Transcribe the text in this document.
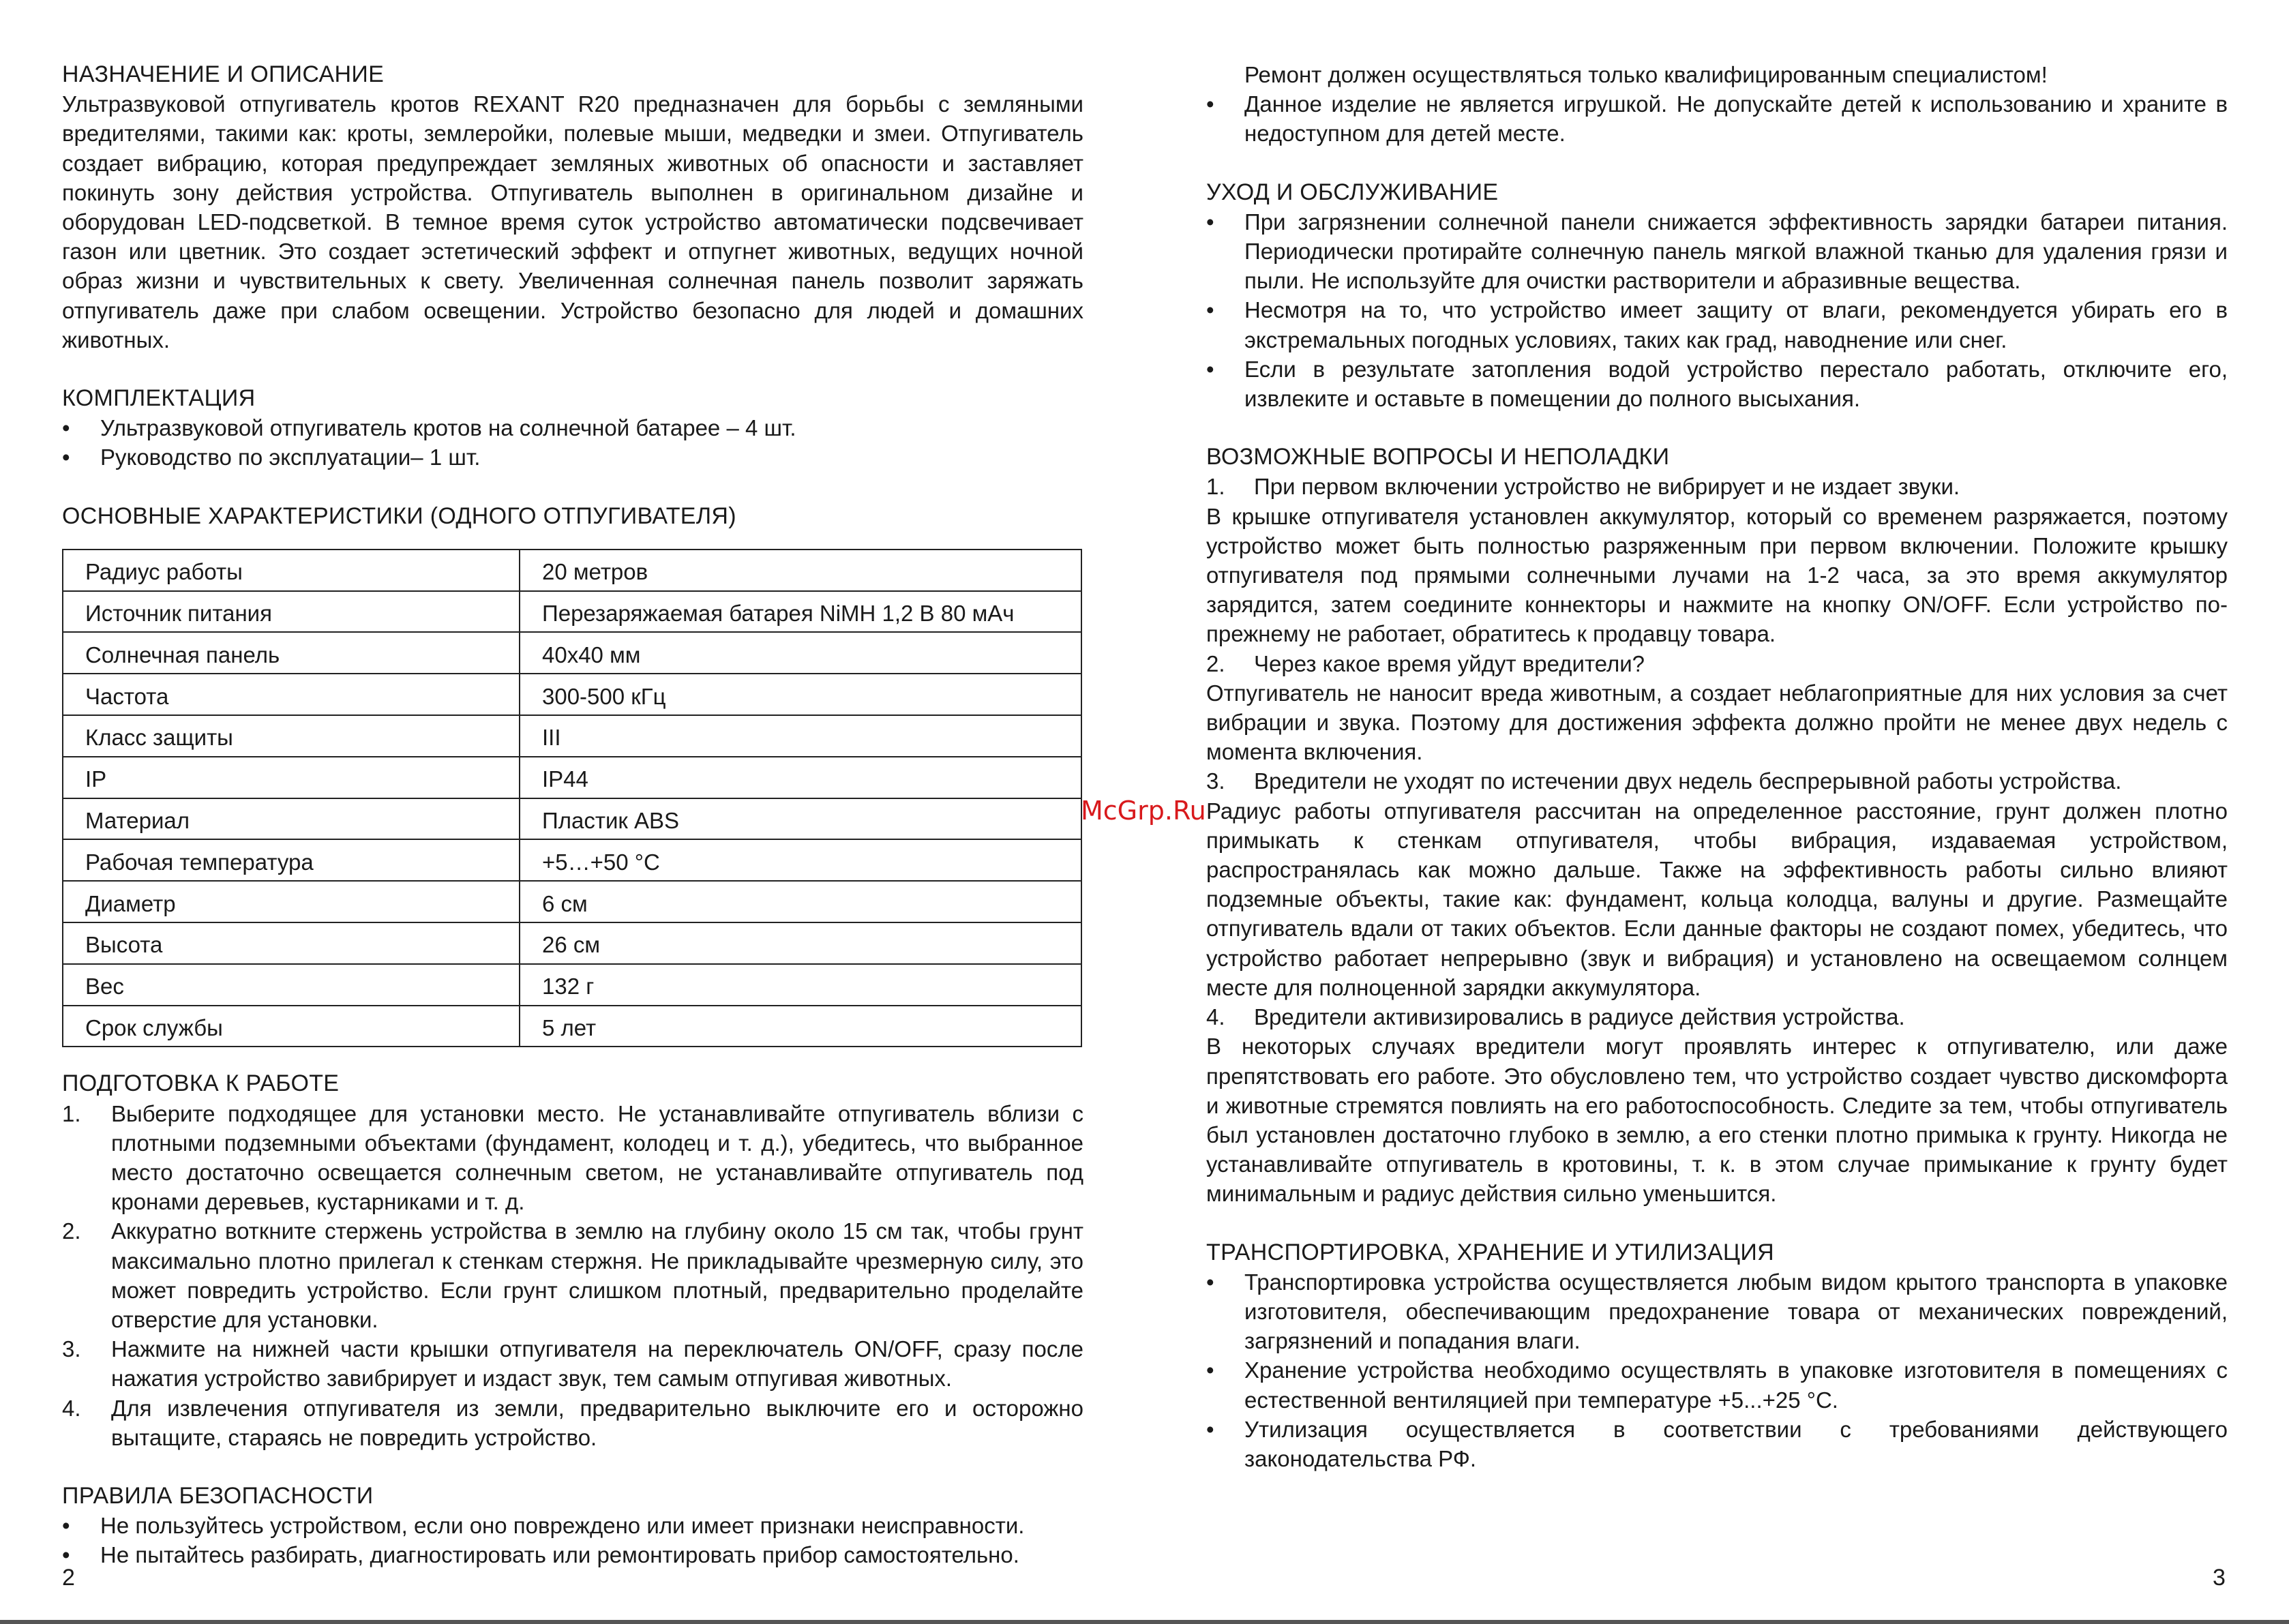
НАЗНАЧЕНИЕ И ОПИСАНИЕ

Ультразвуковой отпугиватель кротов REXANT R20 предназначен для борьбы с земляными вредителями, такими как: кроты, землеройки, полевые мыши, медведки и змеи. Отпугиватель создает вибрацию, которая предупреждает земляных животных об опасности и заставляет покинуть зону действия устройства. Отпугиватель выполнен в оригинальном дизайне и оборудован LED-подсветкой. В темное время суток устройство автоматически подсвечивает газон или цветник. Это создает эстетический эффект и отпугнет животных, ведущих ночной образ жизни и чувствительных к свету. Увеличенная солнечная панель позволит заряжать отпугиватель даже при слабом освещении. Устройство безопасно для людей и домашних животных.

КОМПЛЕКТАЦИЯ
• Ультразвуковой отпугиватель кротов на солнечной батарее – 4 шт.
• Руководство по эксплуатации– 1 шт.
ОСНОВНЫЕ ХАРАКТЕРИСТИКИ (ОДНОГО ОТПУГИВАТЕЛЯ)
Радиус работы	20 метров
Источник питания	Перезаряжаемая батарея NiMH 1,2 В 80 мАч
Солнечная панель	40x40 мм
Частота	300-500 кГц
Класс защиты	III
IP	IP44
Материал	Пластик ABS
Рабочая температура	+5…+50 °C
Диаметр	6 см
Высота	26 см
Вес	132 г
Срок службы	5 лет
ПОДГОТОВКА К РАБОТЕ
1. Выберите подходящее для установки место. Не устанавливайте отпугиватель вблизи с плотными подземными объектами (фундамент, колодец и т. д.), убедитесь, что выбранное место достаточно освещается солнечным светом, не устанавливайте отпугиватель под кронами деревьев, кустарниками и т. д.
2. Аккуратно воткните стержень устройства в землю на глубину около 15 см так, чтобы грунт максимально плотно прилегал к стенкам стержня. Не прикладывайте чрезмерную силу, это может повредить устройство. Если грунт слишком плотный, предварительно проделайте отверстие для установки.
3. Нажмите на нижней части крышки отпугивателя на переключатель ON/OFF, сразу после нажатия устройство завибрирует и издаст звук, тем самым отпугивая животных.
4. Для извлечения отпугивателя из земли, предварительно выключите его и осторожно вытащите, стараясь не повредить устройство.
ПРАВИЛА БЕЗОПАСНОСТИ
• Не пользуйтесь устройством, если оно повреждено или имеет признаки неисправности.
• Не пытайтесь разбирать, диагностировать или ремонтировать прибор самостоятельно.

Ремонт должен осуществляться только квалифицированным специалистом!

• Данное изделие не является игрушкой. Не допускайте детей к использованию и храните в недоступном для детей месте.
УХОД И ОБСЛУЖИВАНИЕ
• При загрязнении солнечной панели снижается эффективность зарядки батареи питания. Периодически протирайте солнечную панель мягкой влажной тканью для удаления грязи и пыли. Не используйте для очистки растворители и абразивные вещества.
• Несмотря на то, что устройство имеет защиту от влаги, рекомендуется убирать его в экстремальных погодных условиях, таких как град, наводнение или снег.
• Если в результате затопления водой устройство перестало работать, отключите его, извлеките и оставьте в помещении до полного высыхания.
ВОЗМОЖНЫЕ ВОПРОСЫ И НЕПОЛАДКИ
1. При первом включении устройство не вибрирует и не издает звуки.

В крышке отпугивателя установлен аккумулятор, который со временем разряжается, поэтому устройство может быть полностью разряженным при первом включении. Положите крышку отпугивателя под прямыми солнечными лучами на 1-2 часа, за это время аккумулятор зарядится, затем соедините коннекторы и нажмите на кнопку ON/OFF. Если устройство по-прежнему не работает, обратитесь к продавцу товара.

2. Через какое время уйдут вредители?

Отпугиватель не наносит вреда животным, а создает неблагоприятные для них условия за счет вибрации и звука. Поэтому для достижения эффекта должно пройти не менее двух недель с момента включения.

3. Вредители не уходят по истечении двух недель беспрерывной работы устройства.

Радиус работы отпугивателя рассчитан на определенное расстояние, грунт должен плотно примыкать к стенкам отпугивателя, чтобы вибрация, издаваемая устройством, распространялась как можно дальше. Также на эффективность работы сильно влияют подземные объекты, такие как: фундамент, кольца колодца, валуны и другие. Размещайте отпугиватель вдали от таких объектов. Если данные факторы не создают помех, убедитесь, что устройство работает непрерывно (звук и вибрация) и установлено на освещаемом солнцем месте для полноценной зарядки аккумулятора.

4. Вредители активизировались в радиусе действия устройства.

В некоторых случаях вредители могут проявлять интерес к отпугивателю, или даже препятствовать его работе. Это обусловлено тем, что устройство создает чувство дискомфорта и животные стремятся повлиять на его работоспособность. Следите за тем, чтобы отпугиватель был установлен достаточно глубоко в землю, а его стенки плотно примыка к грунту. Никогда не устанавливайте отпугиватель в кротовины, т. к. в этом случае примыкание к грунту будет минимальным и радиус действия сильно уменьшится.

ТРАНСПОРТИРОВКА, ХРАНЕНИЕ И УТИЛИЗАЦИЯ
• Транспортировка устройства осуществляется любым видом крытого транспорта в упаковке изготовителя, обеспечивающим предохранение товара от механических повреждений, загрязнений и попадания влаги.
• Хранение устройства необходимо осуществлять в упаковке изготовителя в помещениях с естественной вентиляцией при температуре +5...+25 °C.
• Утилизация осуществляется в соответствии с требованиями действующего законодательства РФ.
McGrp.Ru
2	3
